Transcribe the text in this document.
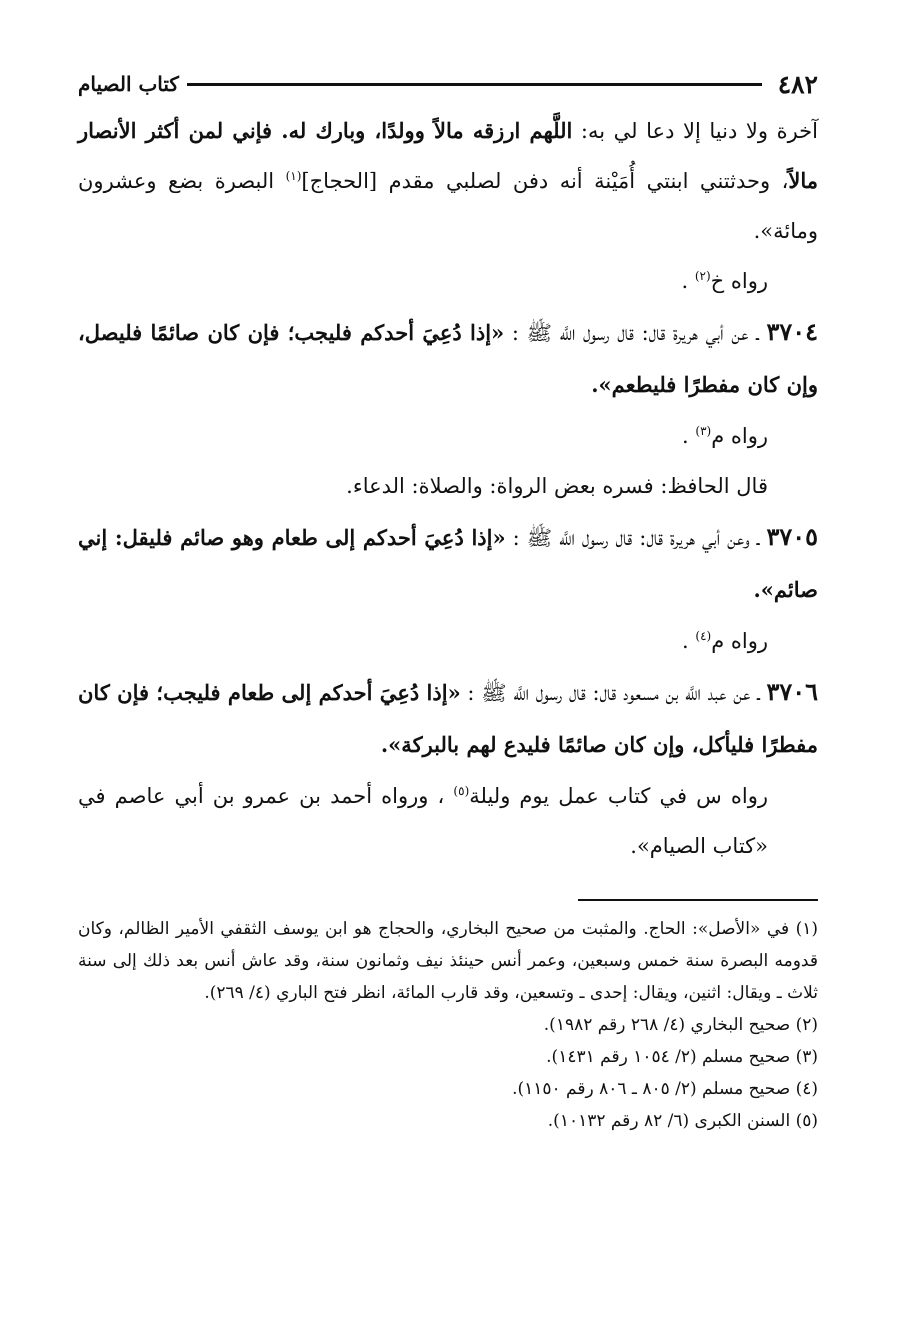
٤٨٢
كتاب الصيام

آخرة ولا دنيا إلا دعا لي به: اللَّهم ارزقه مالاً وولدًا، وبارك له. فإني لمن أكثر الأنصار مالاً، وحدثتني ابنتي أُمَيْنة أنه دفن لصلبي مقدم [الحجاج]$^{(١)}$ البصرة بضع وعشرون ومائة».

رواه خ$^{(٢)}$ .

٣٧٠٤ ـ عن أبي هريرة قال: قال رسول اللَّه ﷺ : «إذا دُعِيَ أحدكم فليجب؛ فإن كان صائمًا فليصل، وإن كان مفطرًا فليطعم».

رواه م$^{(٣)}$ .

قال الحافظ: فسره بعض الرواة: والصلاة: الدعاء.

٣٧٠٥ ـ وعن أبي هريرة قال: قال رسول اللَّه ﷺ : «إذا دُعِيَ أحدكم إلى طعام وهو صائم فليقل: إني صائم».

رواه م$^{(٤)}$ .

٣٧٠٦ ـ عن عبد اللَّه بن مسعود قال: قال رسول اللَّه ﷺ : «إذا دُعِيَ أحدكم إلى طعام فليجب؛ فإن كان مفطرًا فليأكل، وإن كان صائمًا فليدع لهم بالبركة».

رواه س في كتاب عمل يوم وليلة$^{(٥)}$ ، ورواه أحمد بن عمرو بن أبي عاصم في «كتاب الصيام».

(١) في «الأصل»: الحاج. والمثبت من صحيح البخاري، والحجاج هو ابن يوسف الثقفي الأمير الظالم، وكان قدومه البصرة سنة خمس وسبعين، وعمر أنس حينئذ نيف وثمانون سنة، وقد عاش أنس بعد ذلك إلى سنة ثلاث ـ ويقال: اثنين، ويقال: إحدى ـ وتسعين، وقد قارب المائة، انظر فتح الباري (٤/ ٢٦٩).

(٢) صحيح البخاري (٤/ ٢٦٨ رقم ١٩٨٢).

(٣) صحيح مسلم (٢/ ١٠٥٤ رقم ١٤٣١).

(٤) صحيح مسلم (٢/ ٨٠٥ ـ ٨٠٦ رقم ١١٥٠).

(٥) السنن الكبرى (٦/ ٨٢ رقم ١٠١٣٢).
